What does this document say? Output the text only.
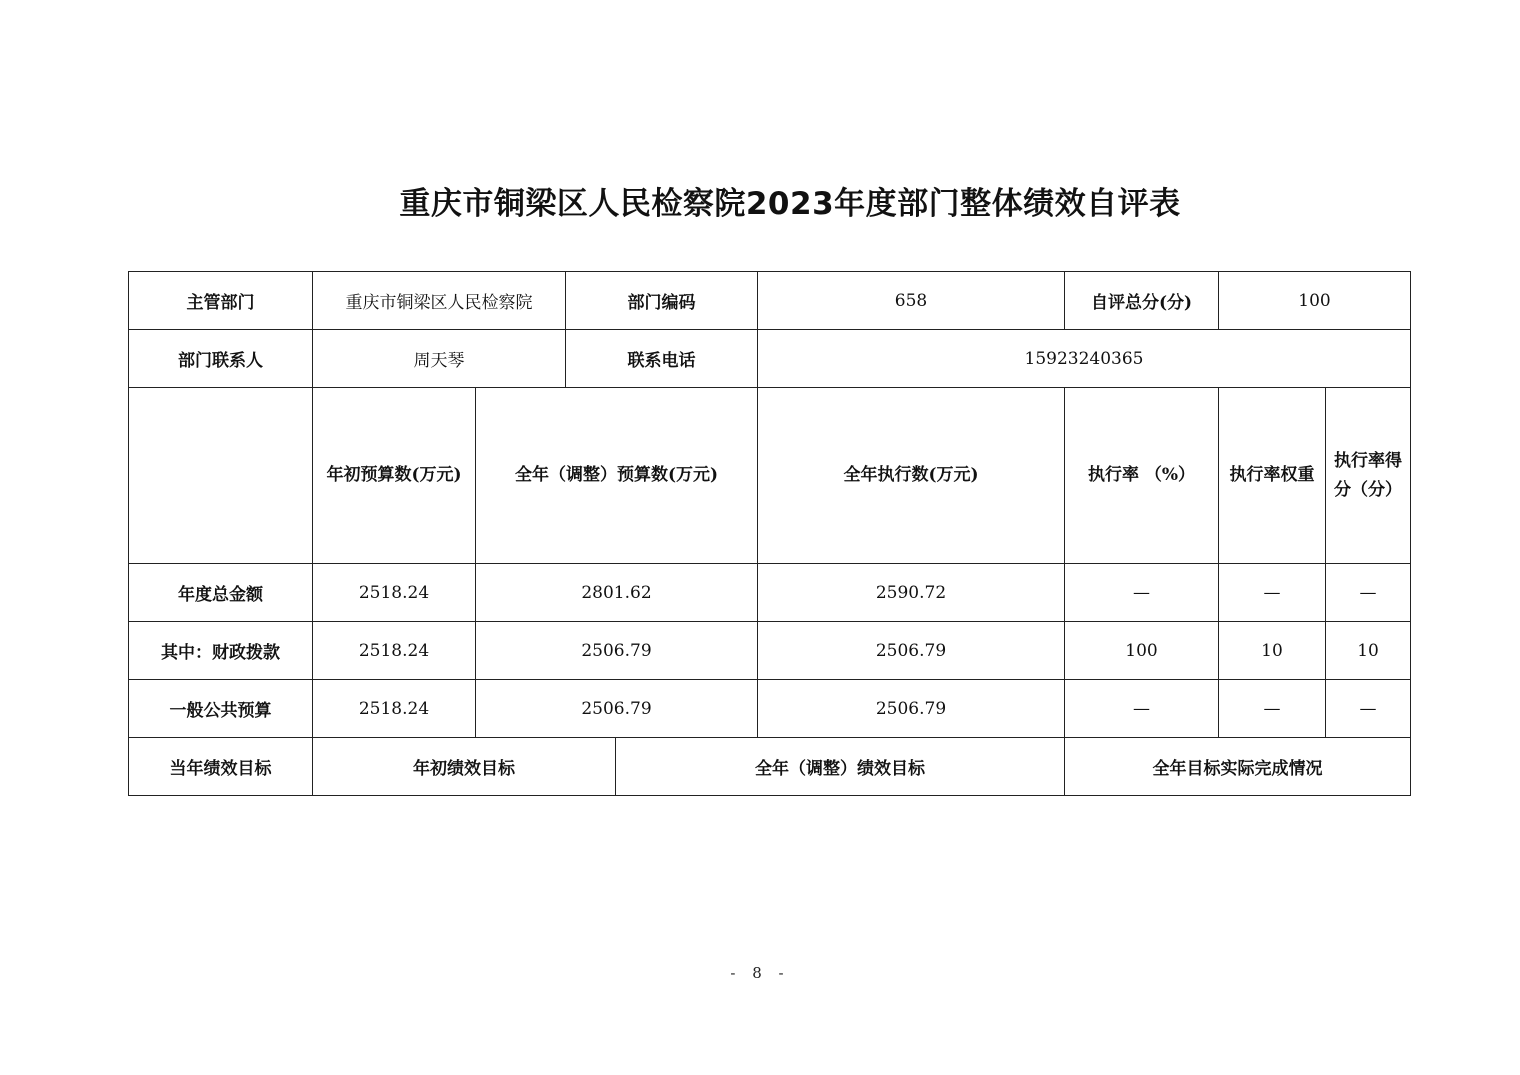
重庆市铜梁区人民检察院2023年度部门整体绩效自评表
主管部门	重庆市铜梁区人民检察院		部门编码		658	自评总分(分)	100	
部门联系人	周天琴		联系电话		15923240365			
	年初预算数(万元)	全年（调整）预算数(万元)			全年执行数(万元)	执行率 （%）	执行率权重	执行率得分（分）
年度总金额	2518.24	2801.62			2590.72	—	—	—
其中：财政拨款	2518.24	2506.79			2506.79	100	10	10
一般公共预算	2518.24	2506.79			2506.79	—	—	—
当年绩效目标	年初绩效目标			全年（调整）绩效目标		全年目标实际完成情况		
- 8 -
